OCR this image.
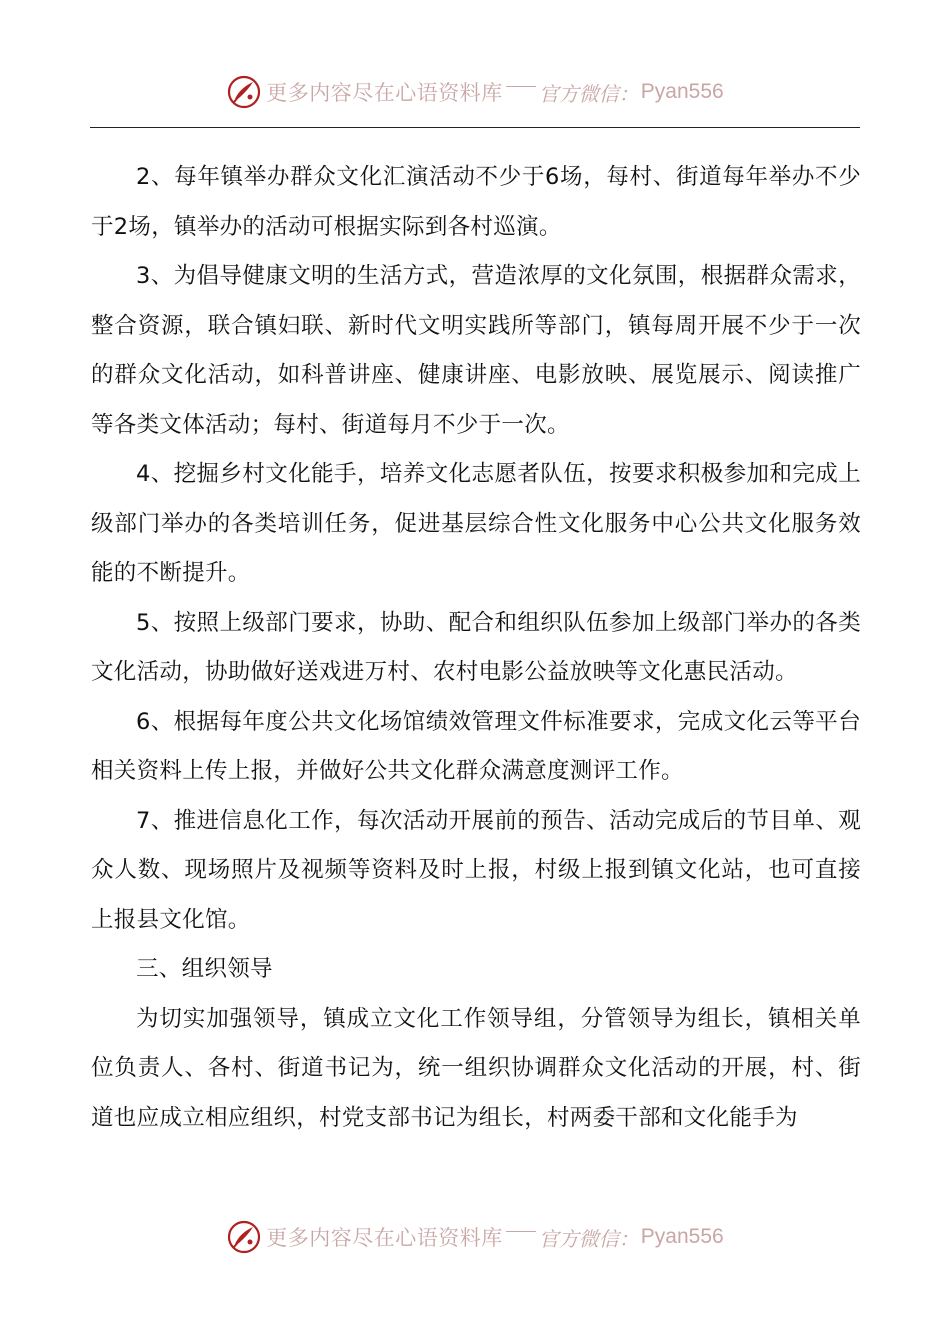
更多内容尽在心语资料库 官方微信： Pyan556

2、每年镇举办群众文化汇演活动不少于6场，每村、街道每年举办不少于2场，镇举办的活动可根据实际到各村巡演。

3、为倡导健康文明的生活方式，营造浓厚的文化氛围，根据群众需求，整合资源，联合镇妇联、新时代文明实践所等部门，镇每周开展不少于一次的群众文化活动，如科普讲座、健康讲座、电影放映、展览展示、阅读推广等各类文体活动；每村、街道每月不少于一次。

4、挖掘乡村文化能手，培养文化志愿者队伍，按要求积极参加和完成上级部门举办的各类培训任务，促进基层综合性文化服务中心公共文化服务效能的不断提升。

5、按照上级部门要求，协助、配合和组织队伍参加上级部门举办的各类文化活动，协助做好送戏进万村、农村电影公益放映等文化惠民活动。

6、根据每年度公共文化场馆绩效管理文件标准要求，完成文化云等平台相关资料上传上报，并做好公共文化群众满意度测评工作。

7、推进信息化工作，每次活动开展前的预告、活动完成后的节目单、观众人数、现场照片及视频等资料及时上报，村级上报到镇文化站，也可直接上报县文化馆。

三、组织领导

为切实加强领导，镇成立文化工作领导组，分管领导为组长，镇相关单位负责人、各村、街道书记为，统一组织协调群众文化活动的开展，村、街道也应成立相应组织，村党支部书记为组长，村两委干部和文化能手为

更多内容尽在心语资料库 官方微信： Pyan556
